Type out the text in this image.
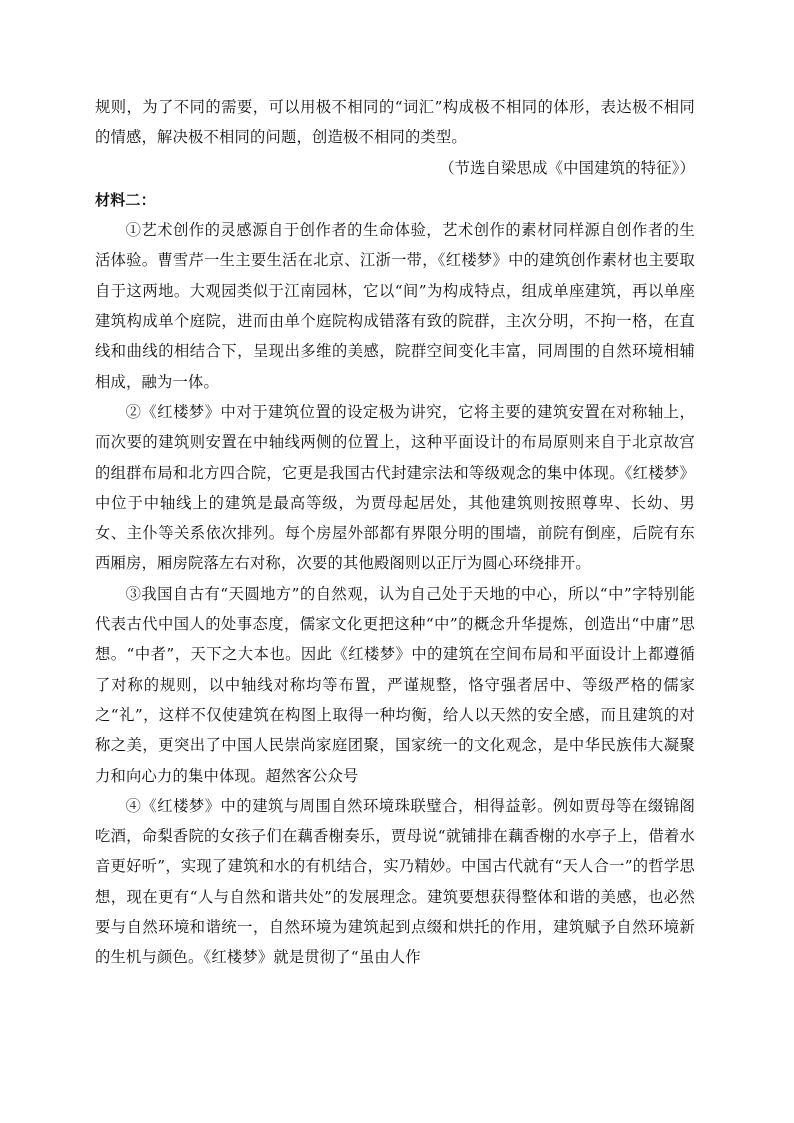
规则，为了不同的需要，可以用极不相同的“词汇”构成极不相同的体形，表达极不相同的情感，解决极不相同的问题，创造极不相同的类型。

（节选自梁思成《中国建筑的特征》）

材料二：

①艺术创作的灵感源自于创作者的生命体验，艺术创作的素材同样源自创作者的生活体验。曹雪芹一生主要生活在北京、江浙一带，《红楼梦》中的建筑创作素材也主要取自于这两地。大观园类似于江南园林，它以“间”为构成特点，组成单座建筑，再以单座建筑构成单个庭院，进而由单个庭院构成错落有致的院群，主次分明，不拘一格，在直线和曲线的相结合下，呈现出多维的美感，院群空间变化丰富，同周围的自然环境相辅相成，融为一体。

②《红楼梦》中对于建筑位置的设定极为讲究，它将主要的建筑安置在对称轴上，而次要的建筑则安置在中轴线两侧的位置上，这种平面设计的布局原则来自于北京故宫的组群布局和北方四合院，它更是我国古代封建宗法和等级观念的集中体现。《红楼梦》中位于中轴线上的建筑是最高等级，为贾母起居处，其他建筑则按照尊卑、长幼、男女、主仆等关系依次排列。每个房屋外部都有界限分明的围墙，前院有倒座，后院有东西厢房，厢房院落左右对称，次要的其他殿阁则以正厅为圆心环绕排开。

③我国自古有“天圆地方”的自然观，认为自己处于天地的中心，所以“中”字特别能代表古代中国人的处事态度，儒家文化更把这种“中”的概念升华提炼，创造出“中庸”思想。“中者”，天下之大本也。因此《红楼梦》中的建筑在空间布局和平面设计上都遵循了对称的规则，以中轴线对称均等布置，严谨规整，恪守强者居中、等级严格的儒家之“礼”，这样不仅使建筑在构图上取得一种均衡，给人以天然的安全感，而且建筑的对称之美，更突出了中国人民崇尚家庭团聚，国家统一的文化观念，是中华民族伟大凝聚力和向心力的集中体现。超然客公众号

④《红楼梦》中的建筑与周围自然环境珠联璧合，相得益彰。例如贾母等在缀锦阁吃酒，命梨香院的女孩子们在藕香榭奏乐，贾母说“就铺排在藕香榭的水亭子上，借着水音更好听”，实现了建筑和水的有机结合，实乃精妙。中国古代就有“天人合一”的哲学思想，现在更有“人与自然和谐共处”的发展理念。建筑要想获得整体和谐的美感，也必然要与自然环境和谐统一，自然环境为建筑起到点缀和烘托的作用，建筑赋予自然环境新的生机与颜色。《红楼梦》就是贯彻了“虽由人作
